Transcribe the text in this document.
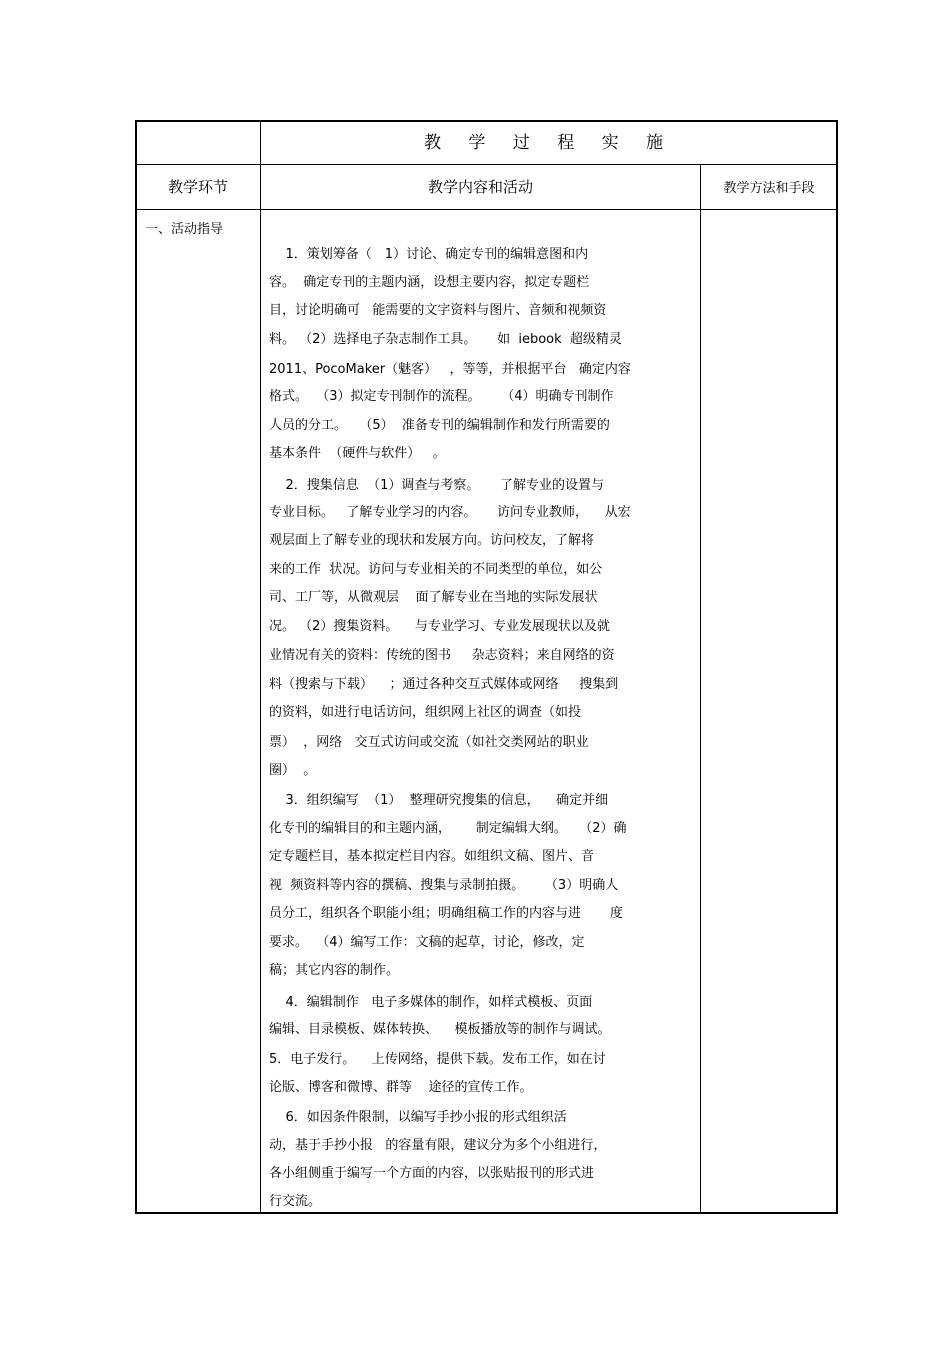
教 学 过 程 实 施
教学环节	教学内容和活动	教学方法和手段
一、活动指导
1．策划筹备（　1）讨论、确定专刊的编辑意图和内
容。  确定专刊的主题内涵，设想主要内容，拟定专题栏
目，讨论明确可   能需要的文字资料与图片、音频和视频资
料。 （2）选择电子杂志制作工具。     如  iebook  超级精灵
2011、PocoMaker（魅客）   ，等等，并根据平台   确定内容
格式。  （3）拟定专刊制作的流程。     （4）明确专刊制作
人员的分工。   （5）  准备专刊的编辑制作和发行所需要的
基本条件  （硬件与软件）   。
2．搜集信息  （1）调查与考察。     了解专业的设置与
专业目标。   了解专业学习的内容。     访问专业教师，    从宏
观层面上了解专业的现状和发展方向。访问校友，了解将
来的工作  状况。访问与专业相关的不同类型的单位，如公
司、工厂等，从微观层    面了解专业在当地的实际发展状
况。 （2）搜集资料。    与专业学习、专业发展现状以及就
业情况有关的资料：传统的图书     杂志资料；来自网络的资
料（搜索与下载）    ；通过各种交互式媒体或网络     搜集到
的资料，如进行电话访问，组织网上社区的调查（如投
票）  ，网络   交互式访问或交流（如社交类网站的职业
圈）  。
3．组织编写  （1）  整理研究搜集的信息，    确定并细
化专刊的编辑目的和主题内涵，      制定编辑大纲。   （2）确
定专题栏目，基本拟定栏目内容。如组织文稿、图片、音
视  频资料等内容的撰稿、搜集与录制拍摄。     （3）明确人
员分工，组织各个职能小组；明确组稿工作的内容与进       度
要求。  （4）编写工作：文稿的起草，讨论，修改，定
稿；其它内容的制作。
4．编辑制作   电子多媒体的制作，如样式模板、页面
编辑、目录模板、媒体转换、    模板播放等的制作与调试。
5．电子发行。    上传网络，提供下载。发布工作，如在讨
论版、博客和微博、群等    途径的宣传工作。
6．如因条件限制，以编写手抄小报的形式组织活
动，基于手抄小报   的容量有限，建议分为多个小组进行，
各小组侧重于编写一个方面的内容，以张贴报刊的形式进
行交流。
